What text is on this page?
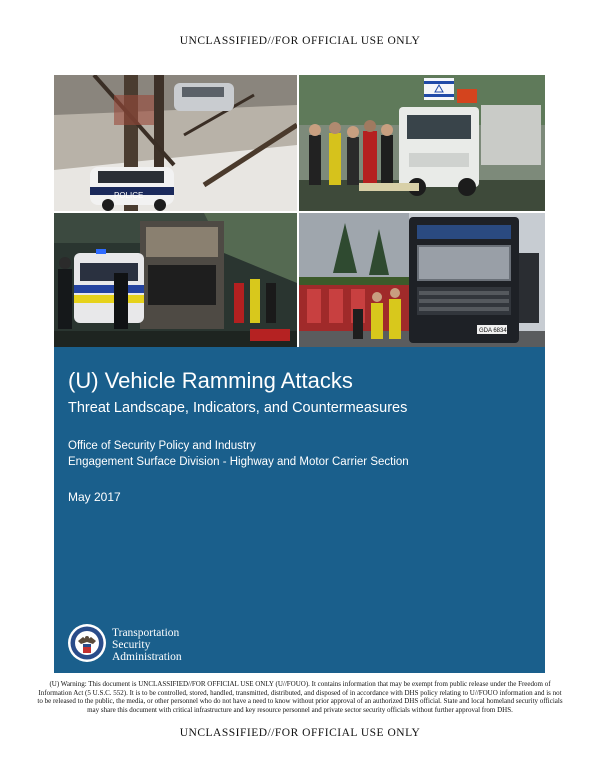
UNCLASSIFIED//FOR OFFICIAL USE ONLY
POLICE
GDA 6834
(U) Vehicle Ramming Attacks
Threat Landscape, Indicators, and Countermeasures
Office of Security Policy and Industry
Engagement Surface Division - Highway and Motor Carrier Section
May 2017
Transportation
Security
Administration
(U) Warning: This document is UNCLASSIFIED//FOR OFFICIAL USE ONLY (U//FOUO). It contains information that may be exempt from public release under the Freedom of Information Act (5 U.S.C. 552). It is to be controlled, stored, handled, transmitted, distributed, and disposed of in accordance with DHS policy relating to U//FOUO information and is not to be released to the public, the media, or other personnel who do not have a need to know without prior approval of an authorized DHS official. State and local homeland security officials may share this document with critical infrastructure and key resource personnel and private sector security officials without further approval from DHS.
UNCLASSIFIED//FOR OFFICIAL USE ONLY
